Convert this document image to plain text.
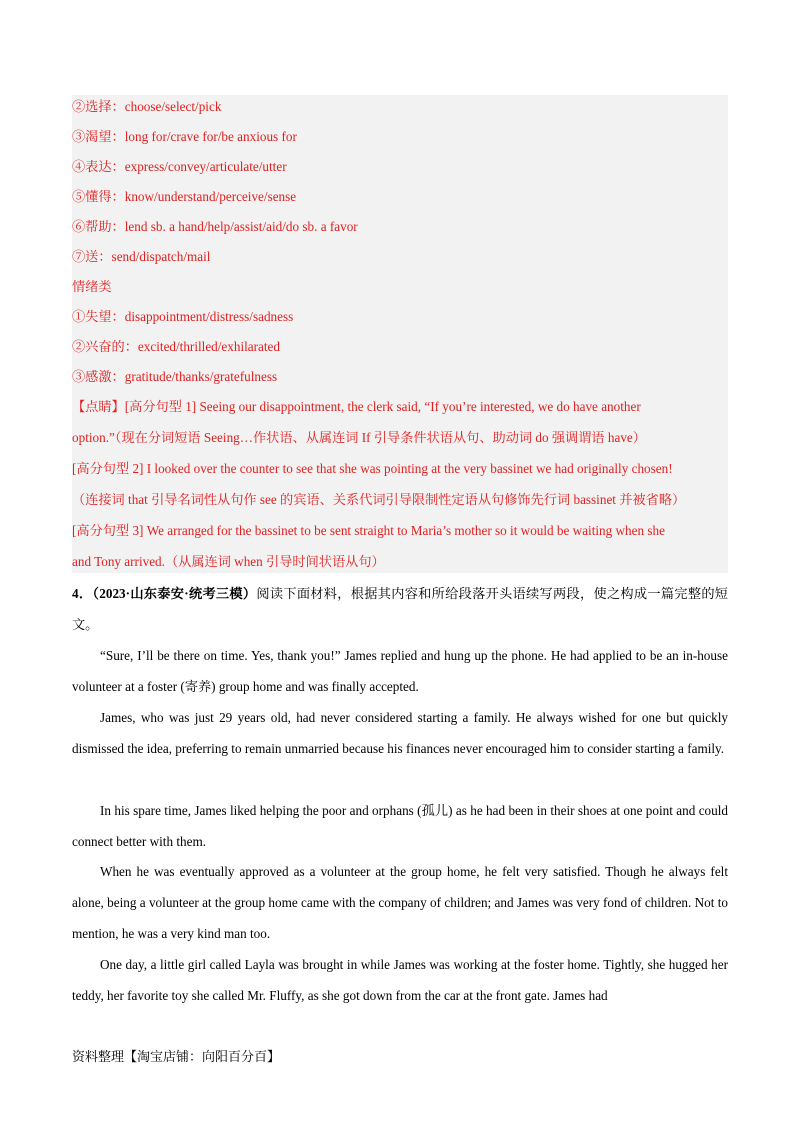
②选择：choose/select/pick
③渴望：long for/crave for/be anxious for
④表达：express/convey/articulate/utter
⑤懂得：know/understand/perceive/sense
⑥帮助：lend sb. a hand/help/assist/aid/do sb. a favor
⑦送：send/dispatch/mail
情绪类
①失望：disappointment/distress/sadness
②兴奋的：excited/thrilled/exhilarated
③感激：gratitude/thanks/gratefulness
【点睛】[高分句型 1] Seeing our disappointment, the clerk said, “If you’re interested, we do have another
option.”（现在分词短语 Seeing…作状语、从属连词 If 引导条件状语从句、助动词 do 强调谓语 have）
[高分句型 2] I looked over the counter to see that she was pointing at the very bassinet we had originally chosen!
（连接词 that 引导名词性从句作 see 的宾语、关系代词引导限制性定语从句修饰先行词 bassinet 并被省略）
[高分句型 3] We arranged for the bassinet to be sent straight to Maria’s mother so it would be waiting when she
and Tony arrived.（从属连词 when 引导时间状语从句）
4．（2023·山东泰安·统考三模）阅读下面材料，根据其内容和所给段落开头语续写两段，使之构成一篇完整的短文。
“Sure, I’ll be there on time. Yes, thank you!” James replied and hung up the phone. He had applied to be an in-house volunteer at a foster (寄养) group home and was finally accepted.
James, who was just 29 years old, had never considered starting a family. He always wished for one but quickly dismissed the idea, preferring to remain unmarried because his finances never encouraged him to consider starting a family.
In his spare time, James liked helping the poor and orphans (孤儿) as he had been in their shoes at one point and could connect better with them.
When he was eventually approved as a volunteer at the group home, he felt very satisfied. Though he always felt alone, being a volunteer at the group home came with the company of children; and James was very fond of children. Not to mention, he was a very kind man too.
One day, a little girl called Layla was brought in while James was working at the foster home. Tightly, she hugged her teddy, her favorite toy she called Mr. Fluffy, as she got down from the car at the front gate. James had
资料整理【淘宝店铺：向阳百分百】
